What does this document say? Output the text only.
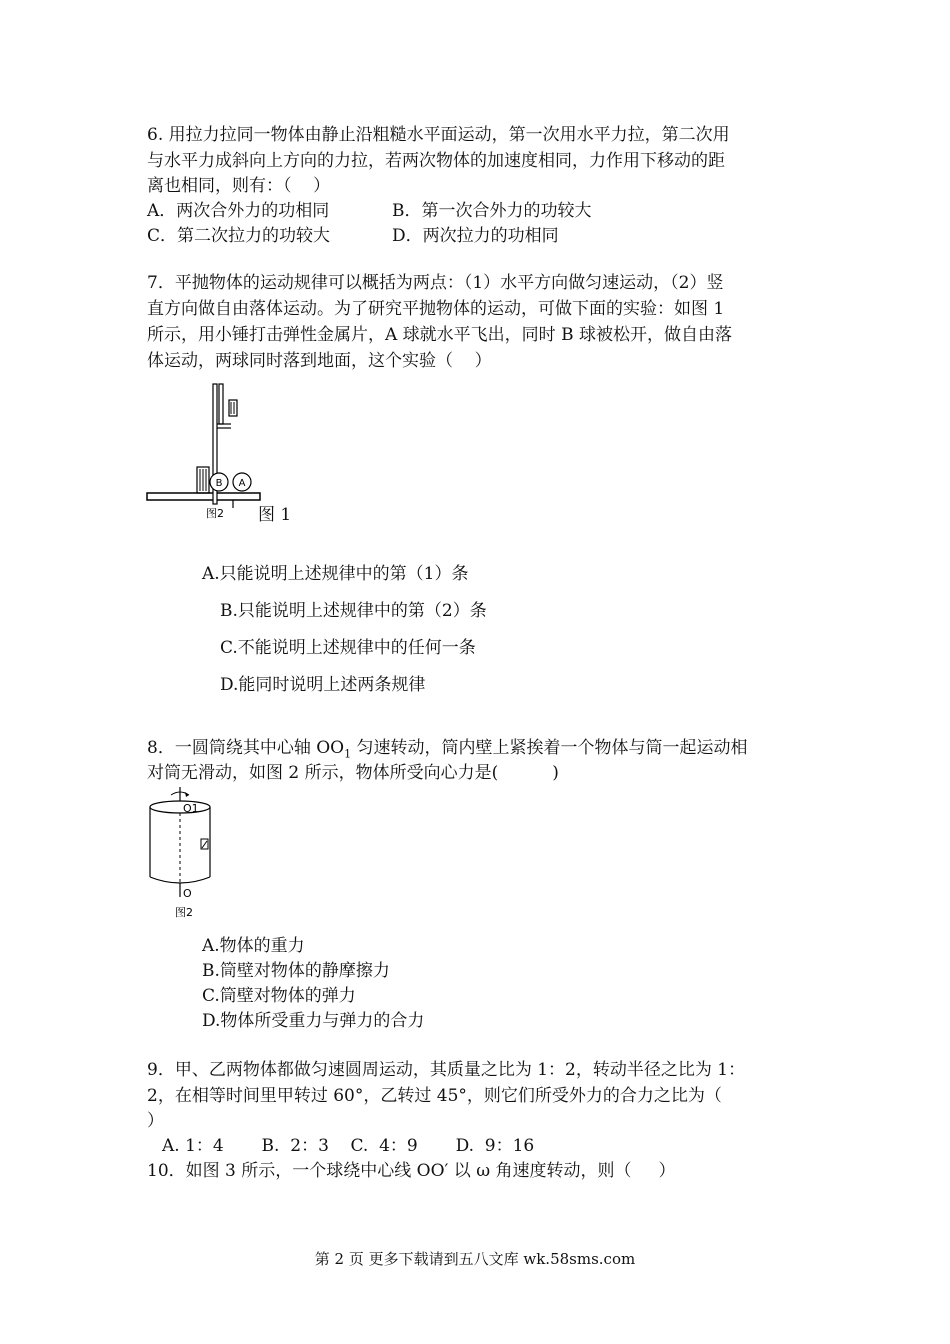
6. 用拉力拉同一物体由静止沿粗糙水平面运动，第一次用水平力拉，第二次用
与水平力成斜向上方向的力拉，若两次物体的加速度相同，力作用下移动的距
离也相同，则有：（    ）
A．两次合外力的功相同	B．第一次合外力的功较大
C．第二次拉力的功较大	D．两次拉力的功相同
7．平抛物体的运动规律可以概括为两点：（1）水平方向做匀速运动，（2）竖
直方向做自由落体运动。为了研究平抛物体的运动，可做下面的实验：如图 1
所示，用小锤打击弹性金属片，A 球就水平飞出，同时 B 球被松开，做自由落
体运动，两球同时落到地面，这个实验（    ）
B A
图2 图 1
A.只能说明上述规律中的第（1）条
B.只能说明上述规律中的第（2）条
C.不能说明上述规律中的任何一条
D.能同时说明上述两条规律
8．一圆筒绕其中心轴 $OO_1$ 匀速转动，筒内壁上紧挨着一个物体与筒一起运动相
对筒无滑动，如图 2 所示，物体所受向心力是(          )
O1
O
图2
A.物体的重力
B.筒壁对物体的静摩擦力
C.筒壁对物体的弹力
D.物体所受重力与弹力的合力
9．甲、乙两物体都做匀速圆周运动，其质量之比为 1：2，转动半径之比为 1：
2，在相等时间里甲转过 60°，乙转过 45°，则它们所受外力的合力之比为（
）
A. 1：4       B.  2：3    C.  4：9       D.  9：16
10．如图 3 所示，一个球绕中心线 OO′ 以 ω 角速度转动，则（     ）
第 2 页 更多下载请到五八文库 wk.58sms.com
